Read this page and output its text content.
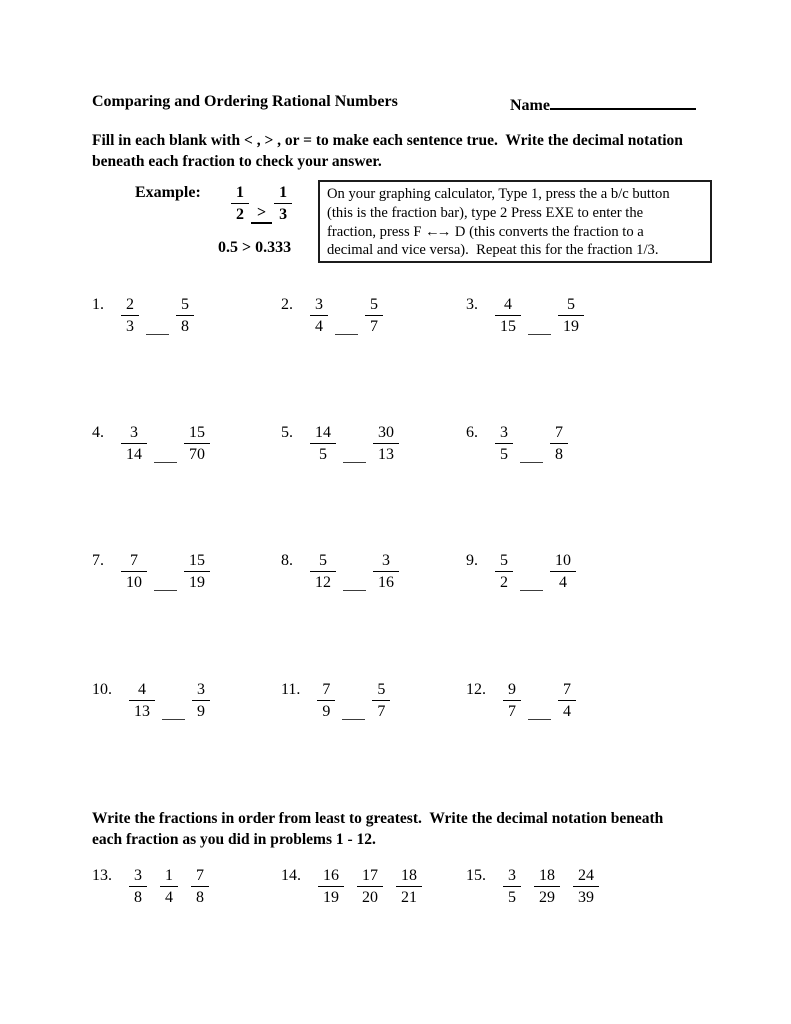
Comparing and Ordering Rational Numbers	Name
Fill in each blank with < , > , or = to make each sentence true.  Write the decimal notation
beneath each fraction to check your answer.
Example: $\frac{1}{2} > \frac{1}{3}$
0.5 > 0.333
On your graphing calculator, Type 1, press the a b/c button
(this is the fraction bar), type 2 Press EXE to enter the
fraction, press F ←→ D (this converts the fraction to a
decimal and vice versa).  Repeat this for the fraction 1/3.
1. $\frac{2}{3} \frac{5}{8}$	2. $\frac{3}{4} \frac{5}{7}$	3. $\frac{4}{15} \frac{5}{19}$
4. $\frac{3}{14} \frac{15}{70}$	5. $\frac{14}{5} \frac{30}{13}$	6. $\frac{3}{5} \frac{7}{8}$
7. $\frac{7}{10} \frac{15}{19}$	8. $\frac{5}{12} \frac{3}{16}$	9. $\frac{5}{2} \frac{10}{4}$
10. $\frac{4}{13} \frac{3}{9}$	11. $\frac{7}{9} \frac{5}{7}$	12. $\frac{9}{7} \frac{7}{4}$
Write the fractions in order from least to greatest.  Write the decimal notation beneath
each fraction as you did in problems 1 - 12.
13. $\frac{3}{8} \frac{1}{4} \frac{7}{8}$	14. $\frac{16}{19} \frac{17}{20} \frac{18}{21}$	15. $\frac{3}{5} \frac{18}{29} \frac{24}{39}$
